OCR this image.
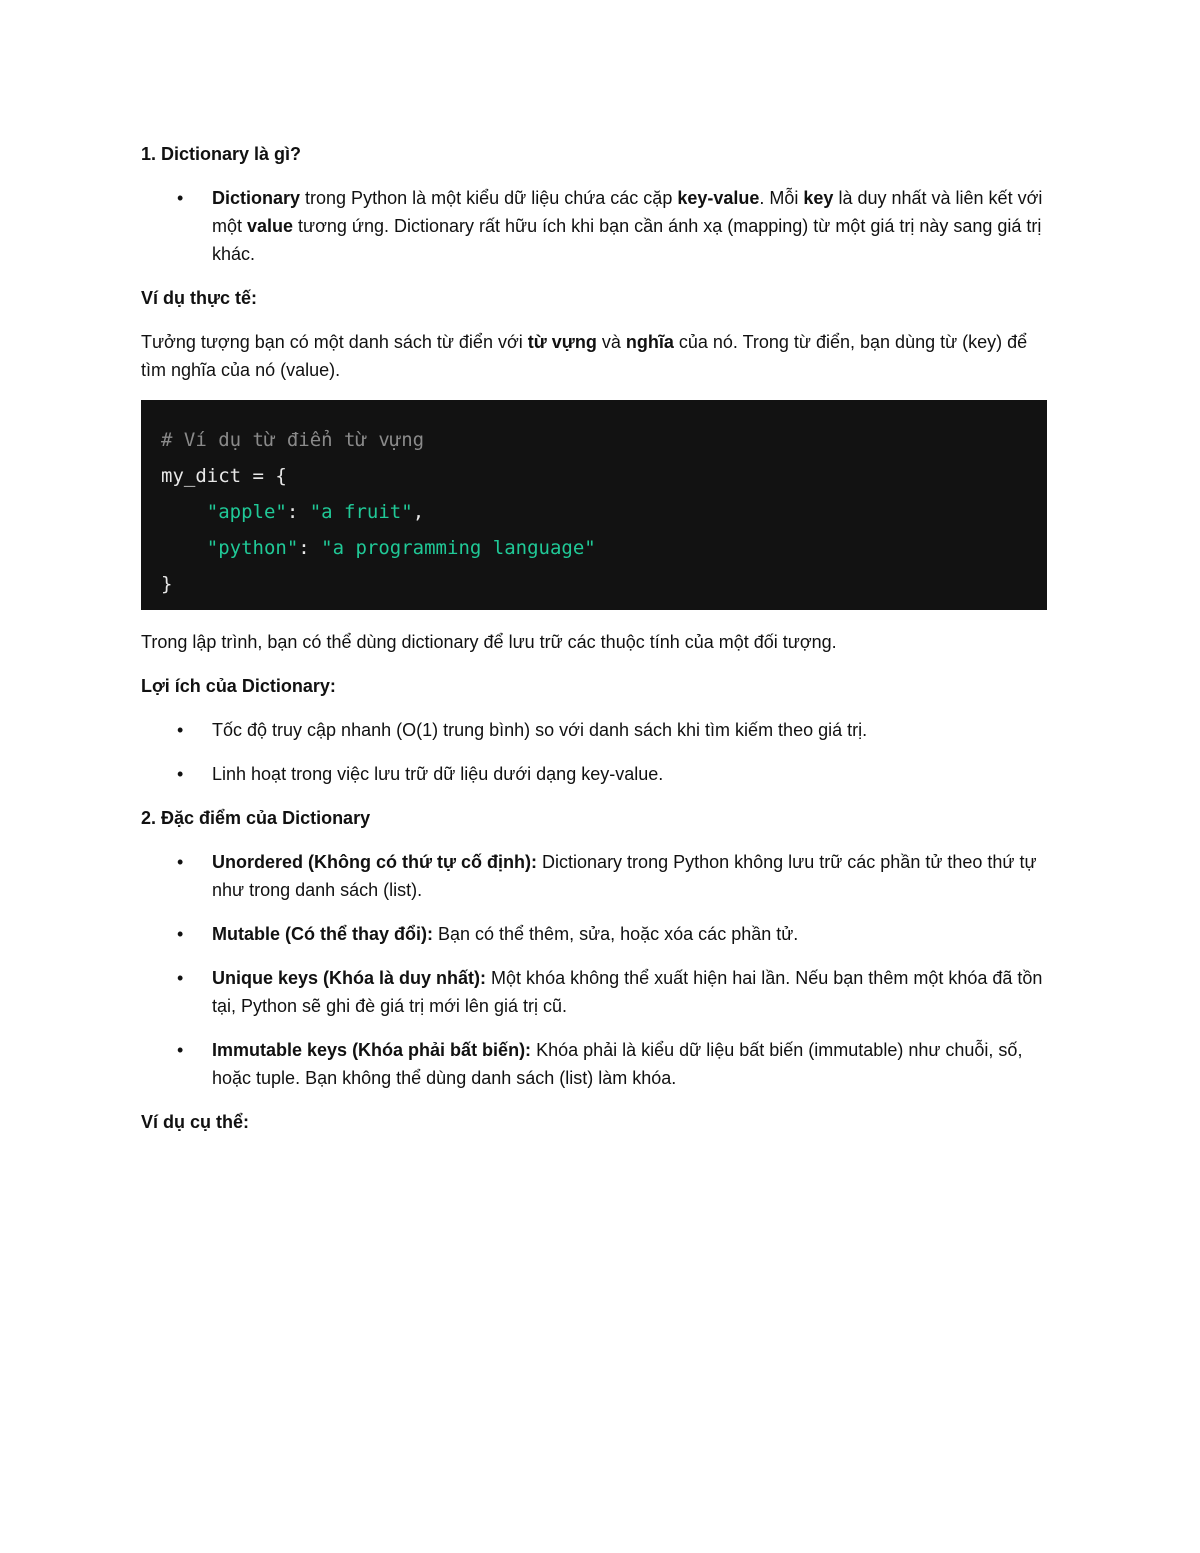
1. Dictionary là gì?
• Dictionary trong Python là một kiểu dữ liệu chứa các cặp key-value. Mỗi key là duy nhất và liên kết với một value tương ứng. Dictionary rất hữu ích khi bạn cần ánh xạ (mapping) từ một giá trị này sang giá trị khác.
Ví dụ thực tế:

Tưởng tượng bạn có một danh sách từ điển với từ vựng và nghĩa của nó. Trong từ điển, bạn dùng từ (key) để tìm nghĩa của nó (value).

# Ví dụ từ điển từ vựng
my_dict = {
"apple": "a fruit",
"python": "a programming language"
}

Trong lập trình, bạn có thể dùng dictionary để lưu trữ các thuộc tính của một đối tượng.

Lợi ích của Dictionary:
• Tốc độ truy cập nhanh (O(1) trung bình) so với danh sách khi tìm kiếm theo giá trị.
• Linh hoạt trong việc lưu trữ dữ liệu dưới dạng key-value.
2. Đặc điểm của Dictionary
• Unordered (Không có thứ tự cố định): Dictionary trong Python không lưu trữ các phần tử theo thứ tự như trong danh sách (list).
• Mutable (Có thể thay đổi): Bạn có thể thêm, sửa, hoặc xóa các phần tử.
• Unique keys (Khóa là duy nhất): Một khóa không thể xuất hiện hai lần. Nếu bạn thêm một khóa đã tồn tại, Python sẽ ghi đè giá trị mới lên giá trị cũ.
• Immutable keys (Khóa phải bất biến): Khóa phải là kiểu dữ liệu bất biến (immutable) như chuỗi, số, hoặc tuple. Bạn không thể dùng danh sách (list) làm khóa.
Ví dụ cụ thể:
